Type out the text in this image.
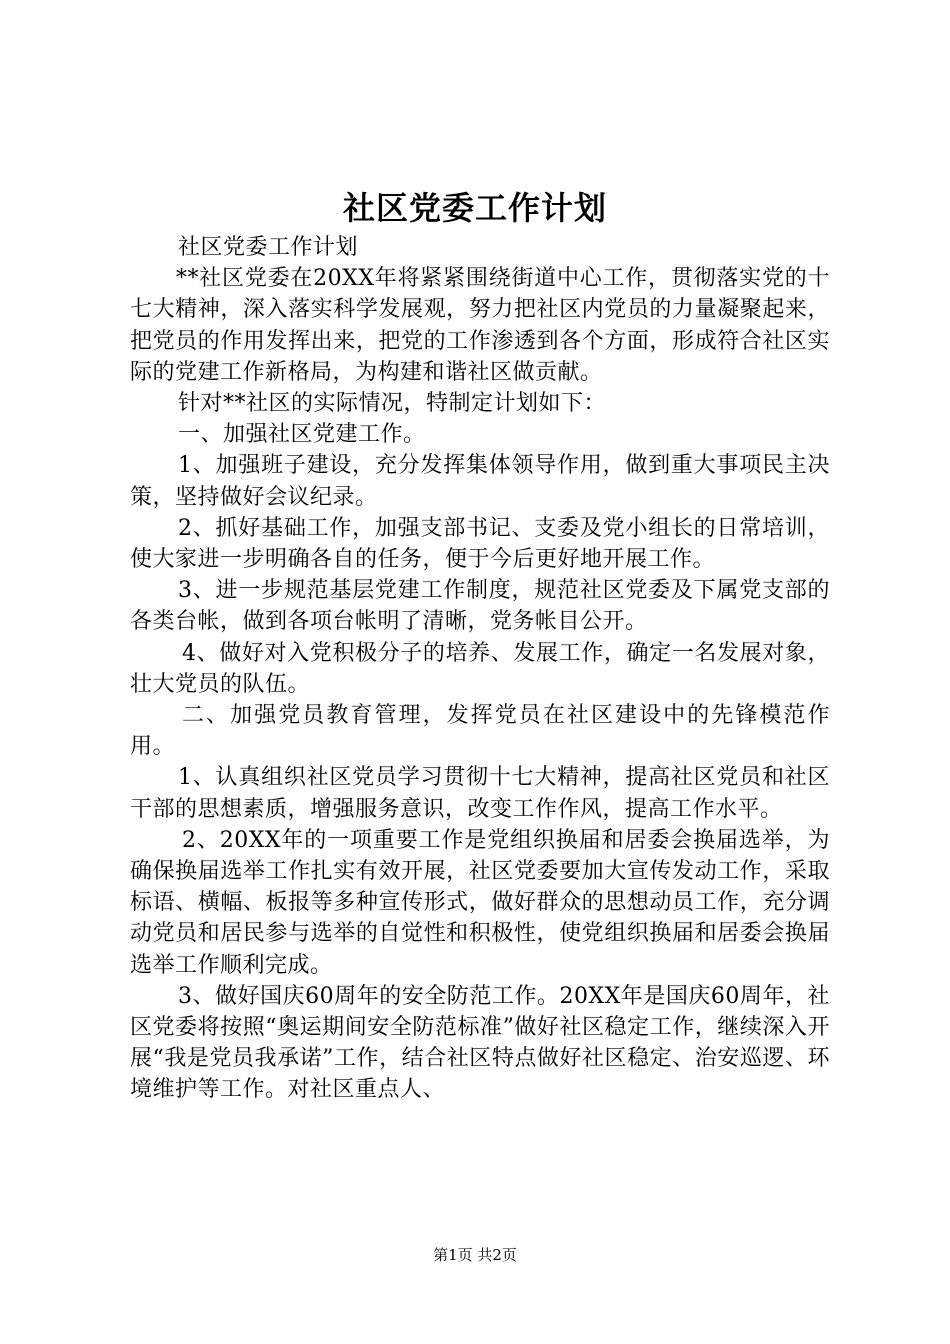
社区党委工作计划

社区党委工作计划

**社区党委在20XX年将紧紧围绕街道中心工作，贯彻落实党的十七大精神，深入落实科学发展观，努力把社区内党员的力量凝聚起来，把党员的作用发挥出来，把党的工作渗透到各个方面，形成符合社区实际的党建工作新格局，为构建和谐社区做贡献。

针对**社区的实际情况，特制定计划如下：

一、加强社区党建工作。

1、加强班子建设，充分发挥集体领导作用，做到重大事项民主决策，坚持做好会议纪录。

2、抓好基础工作，加强支部书记、支委及党小组长的日常培训，使大家进一步明确各自的任务，便于今后更好地开展工作。

3、进一步规范基层党建工作制度，规范社区党委及下属党支部的各类台帐，做到各项台帐明了清晰，党务帐目公开。

4、做好对入党积极分子的培养、发展工作，确定一名发展对象，壮大党员的队伍。

二、加强党员教育管理，发挥党员在社区建设中的先锋模范作用。

1、认真组织社区党员学习贯彻十七大精神，提高社区党员和社区干部的思想素质，增强服务意识，改变工作作风，提高工作水平。

2、20XX年的一项重要工作是党组织换届和居委会换届选举，为确保换届选举工作扎实有效开展，社区党委要加大宣传发动工作，采取标语、横幅、板报等多种宣传形式，做好群众的思想动员工作，充分调动党员和居民参与选举的自觉性和积极性，使党组织换届和居委会换届选举工作顺利完成。

3、做好国庆60周年的安全防范工作。20XX年是国庆60周年，社区党委将按照“奥运期间安全防范标准”做好社区稳定工作，继续深入开展“我是党员我承诺”工作，结合社区特点做好社区稳定、治安巡逻、环境维护等工作。对社区重点人、

第1页 共2页
